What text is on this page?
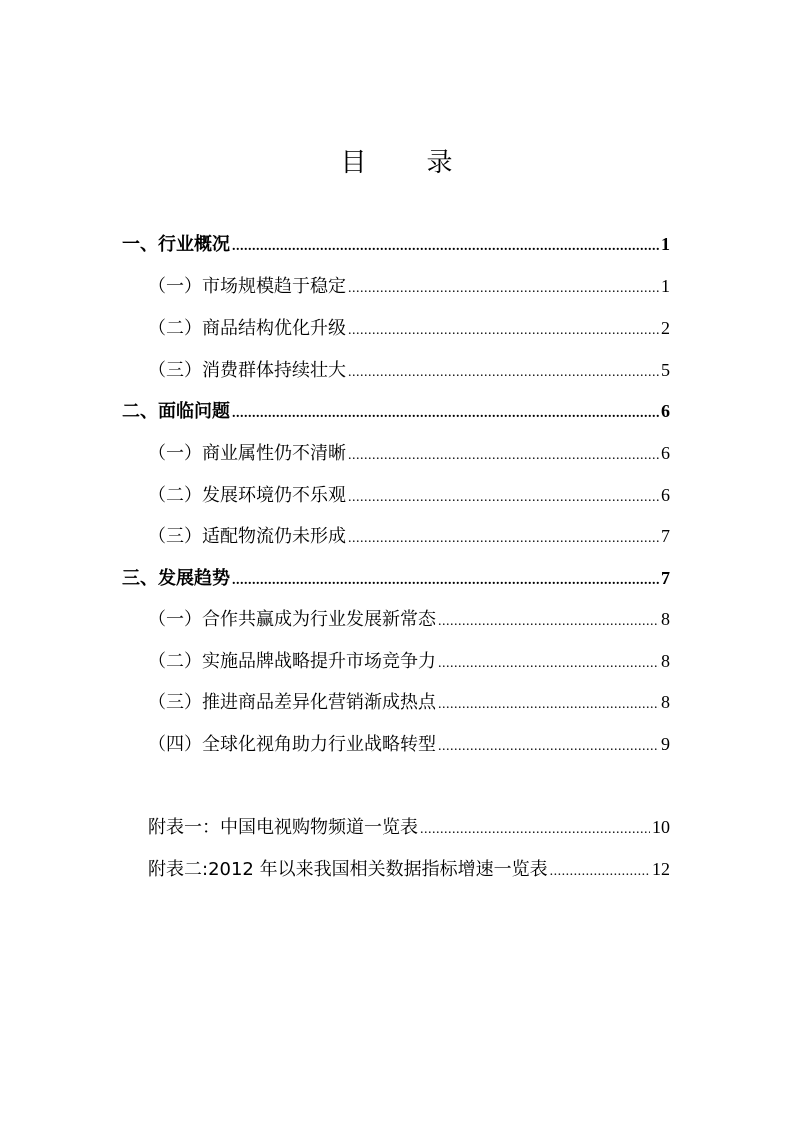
目 录
一、行业概况 .....	1
（一）市场规模趋于稳定 .....	1
（二）商品结构优化升级 .....	2
（三）消费群体持续壮大 .....	5
二、面临问题 .....	6
（一）商业属性仍不清晰 .....	6
（二）发展环境仍不乐观 .....	6
（三）适配物流仍未形成 .....	7
三、发展趋势 .....	7
（一）合作共赢成为行业发展新常态 .....	8
（二）实施品牌战略提升市场竞争力 .....	8
（三）推进商品差异化营销渐成热点 .....	8
（四）全球化视角助力行业战略转型 .....	9
附表一：中国电视购物频道一览表 .....	10
附表二:2012 年以来我国相关数据指标增速一览表 .....	12
